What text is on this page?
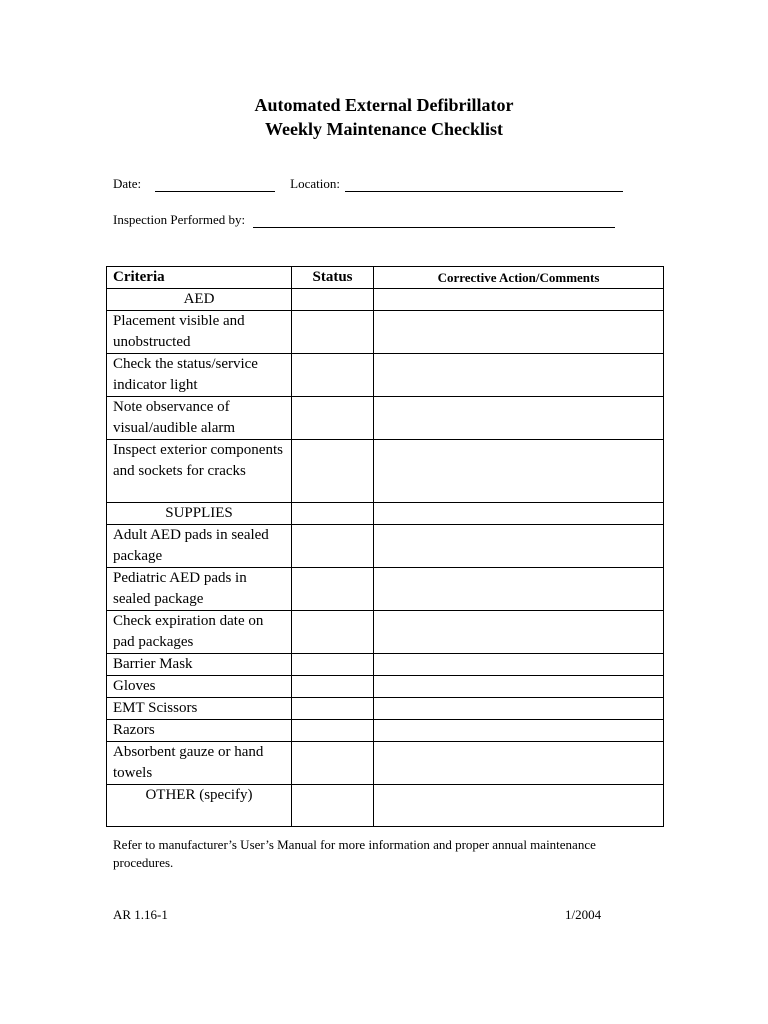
Automated External Defibrillator
Weekly Maintenance Checklist
Date:	Location:
Inspection Performed by:
Criteria	Status	Corrective Action/Comments
AED		
Placement visible and unobstructed		
Check the status/service indicator light		
Note observance of visual/audible alarm		
Inspect exterior components and sockets for cracks		
SUPPLIES		
Adult AED pads in sealed package		
Pediatric AED pads in sealed package		
Check expiration date on pad packages		
Barrier Mask		
Gloves		
EMT Scissors		
Razors		
Absorbent gauze or hand towels		
OTHER (specify)		
Refer to manufacturer’s User’s Manual for more information and proper annual maintenance procedures.
AR 1.16-1	1/2004
